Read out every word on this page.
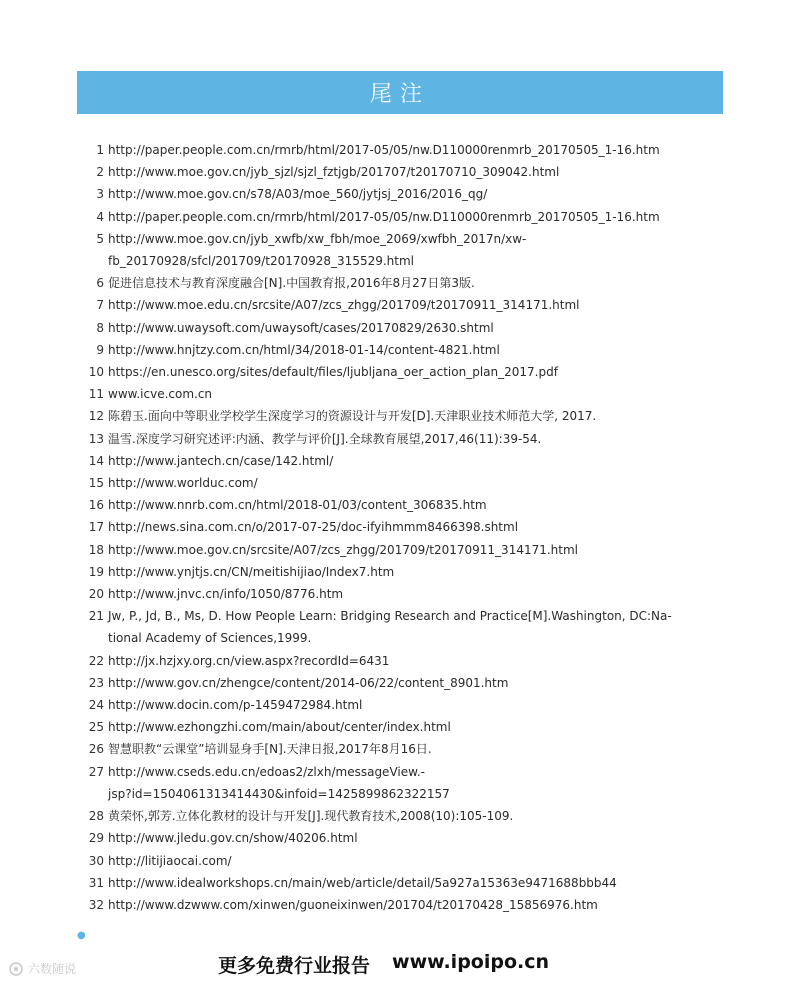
尾注
1 http://paper.people.com.cn/rmrb/html/2017-05/05/nw.D110000renmrb_20170505_1-16.htm
2 http://www.moe.gov.cn/jyb_sjzl/sjzl_fztjgb/201707/t20170710_309042.html
3 http://www.moe.gov.cn/s78/A03/moe_560/jytjsj_2016/2016_qg/
4 http://paper.people.com.cn/rmrb/html/2017-05/05/nw.D110000renmrb_20170505_1-16.htm
5 http://www.moe.gov.cn/jyb_xwfb/xw_fbh/moe_2069/xwfbh_2017n/xw-
fb_20170928/sfcl/201709/t20170928_315529.html
6 促进信息技术与教育深度融合[N].中国教育报,2016年8月27日第3版.
7 http://www.moe.edu.cn/srcsite/A07/zcs_zhgg/201709/t20170911_314171.html
8 http://www.uwaysoft.com/uwaysoft/cases/20170829/2630.shtml
9 http://www.hnjtzy.com.cn/html/34/2018-01-14/content-4821.html
10 https://en.unesco.org/sites/default/files/ljubljana_oer_action_plan_2017.pdf
11 www.icve.com.cn
12 陈碧玉.面向中等职业学校学生深度学习的资源设计与开发[D].天津职业技术师范大学, 2017.
13 温雪.深度学习研究述评:内涵、教学与评价[J].全球教育展望,2017,46(11):39-54.
14 http://www.jantech.cn/case/142.html/
15 http://www.worlduc.com/
16 http://www.nnrb.com.cn/html/2018-01/03/content_306835.htm
17 http://news.sina.com.cn/o/2017-07-25/doc-ifyihmmm8466398.shtml
18 http://www.moe.gov.cn/srcsite/A07/zcs_zhgg/201709/t20170911_314171.html
19 http://www.ynjtjs.cn/CN/meitishijiao/Index7.htm
20 http://www.jnvc.cn/info/1050/8776.htm
21 Jw, P., Jd, B., Ms, D. How People Learn: Bridging Research and Practice[M].Washington, DC:Na-
tional Academy of Sciences,1999.
22 http://jx.hzjxy.org.cn/view.aspx?recordId=6431
23 http://www.gov.cn/zhengce/content/2014-06/22/content_8901.htm
24 http://www.docin.com/p-1459472984.html
25 http://www.ezhongzhi.com/main/about/center/index.html
26 智慧职教“云课堂”培训显身手[N].天津日报,2017年8月16日.
27 http://www.cseds.edu.cn/edoas2/zlxh/messageView.-
jsp?id=1504061313414430&infoid=1425899862322157
28 黄荣怀,郭芳.立体化教材的设计与开发[J].现代教育技术,2008(10):105-109.
29 http://www.jledu.gov.cn/show/40206.html
30 http://litijiaocai.com/
31 http://www.idealworkshops.cn/main/web/article/detail/5a927a15363e9471688bbb44
32 http://www.dzwww.com/xinwen/guoneixinwen/201704/t20170428_15856976.htm
●
六数随说	更多免费行业报告 www.ipoipo.cn
